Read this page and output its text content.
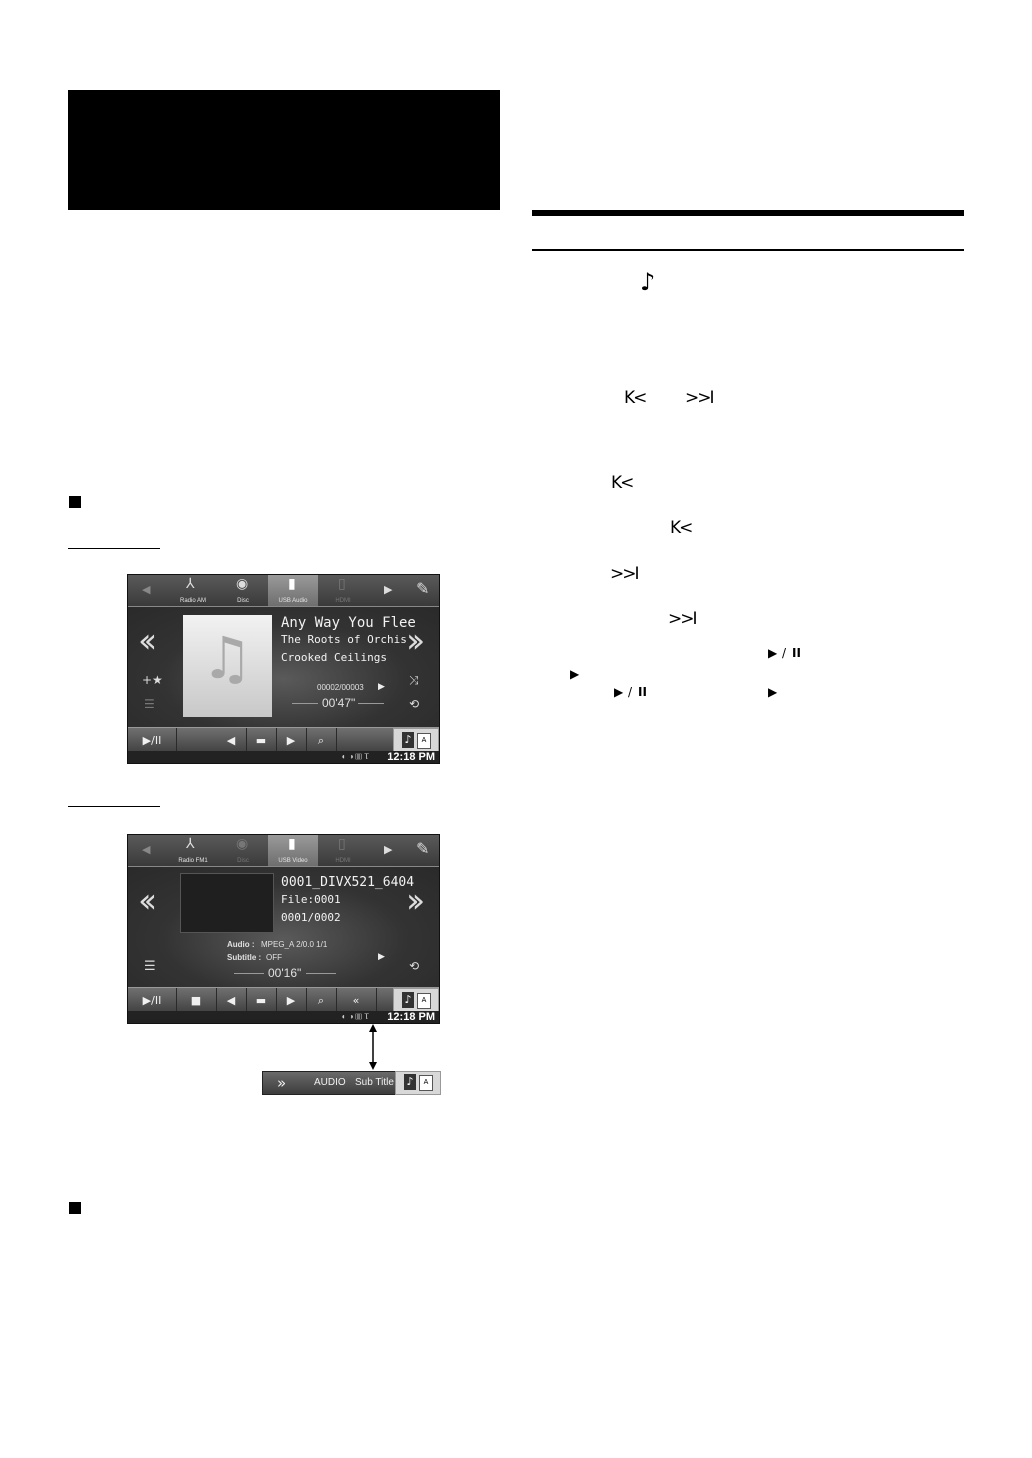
◀	⅄
Radio AM
◉
Disc
▮
USB Audio
▯
HDMI
▶ ✎
‹‹	››
♫
Any Way You Flee
The Roots of Orchis
Crooked Ceilings
00002/00003 ▶
00'47"
+★
☰
⤨
⟲
▶/II	◀	▬	▶	⌕	♪	A
◐ ◑ ▥ Ⲧ 12:18 PM
◀	⅄
Radio FM1
◉
Disc
▮
USB Video
▯
HDMI
▶ ✎
‹‹	››
0001_DIVX521_6404
File:0001
0001/0002
Audio : MPEG_A 2/0.0 1/1
Subtitle : OFF	▶
00'16"
☰	⟲
▶/II	■	◀	▬	▶	⌕	«	♪	A
◐ ◑ ▥ Ⲧ 12:18 PM
»	AUDIO Sub Title ♪	A
♪
K< >>I
K<
K<
>>I
>>I
▶ / II
▶
▶ / II	▶
